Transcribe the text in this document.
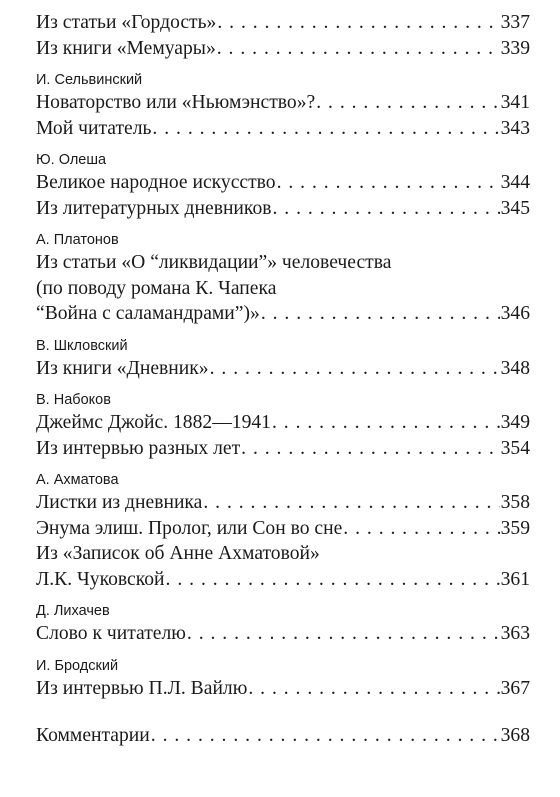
Из статьи «Гордость» . . .	337
Из книги «Мемуары» . . .	339
И. Сельвинский
Новаторство или «Ньюмэнство»? . . .	341
Мой читатель . . .	343
Ю. Олеша
Великое народное искусство . . .	344
Из литературных дневников . . .	345
А. Платонов
Из статьи «О “ликвидации”» человечества
(по поводу романа К. Чапека
“Война с саламандрами”)» . . .	346
В. Шкловский
Из книги «Дневник» . . .	348
В. Набоков
Джеймс Джойс. 1882—1941 . . .	349
Из интервью разных лет . . .	354
А. Ахматова
Листки из дневника . . .	358
Энума элиш. Пролог, или Сон во сне . . .	359
Из «Записок об Анне Ахматовой»
Л.К. Чуковской . . .	361
Д. Лихачев
Слово к читателю . . .	363
И. Бродский
Из интервью П.Л. Вайлю . . .	367
Комментарии . . .	368
